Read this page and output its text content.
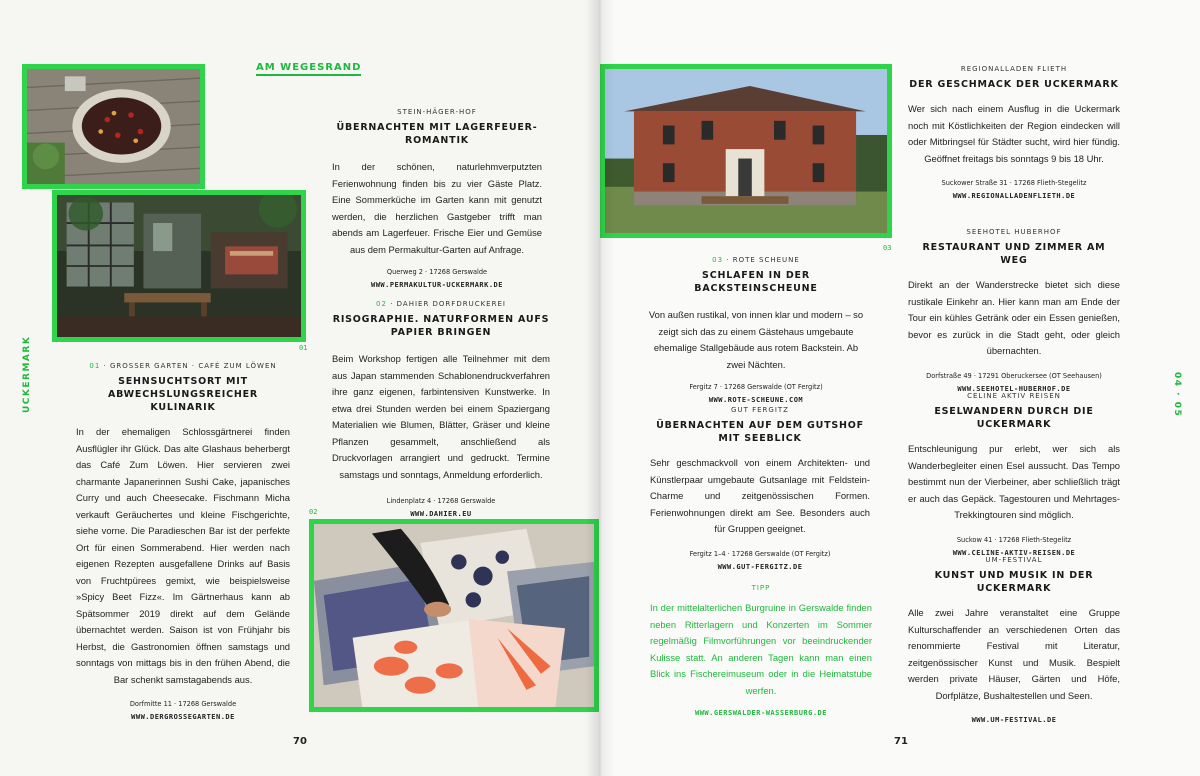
01
AM WEGESRAND
UCKERMARK
STEIN-HÄGER-HOF
ÜBERNACHTEN MIT LAGERFEUER-ROMANTIK
In der schönen, naturlehmverputzten Ferienwohnung finden bis zu vier Gäste Platz. Eine Sommerküche im Garten kann mit genutzt werden, die herzlichen Gastgeber trifft man abends am Lagerfeuer. Frische Eier und Gemüse aus dem Permakultur-Garten auf Anfrage.
Querweg 2 · 17268 Gerswalde
WWW.PERMAKULTUR-UCKERMARK.DE
02 · DAHIER DORFDRUCKEREI
RISOGRAPHIE. NATURFORMEN AUFS PAPIER BRINGEN
Beim Workshop fertigen alle Teilnehmer mit dem aus Japan stammenden Schablonendruckverfahren ihre ganz eigenen, farbintensiven Kunstwerke. In etwa drei Stunden werden bei einem Spaziergang Materialien wie Blumen, Blätter, Gräser und kleine Pflanzen gesammelt, anschließend als Druckvorlagen arrangiert und gedruckt. Termine samstags und sonntags, Anmeldung erforderlich.
Lindenplatz 4 · 17268 Gerswalde
WWW.DAHIER.EU
01 · GROSSER GARTEN · CAFÉ ZUM LÖWEN
SEHNSUCHTSORT MIT ABWECHSLUNGSREICHER KULINARIK
In der ehemaligen Schlossgärtnerei finden Ausflügler ihr Glück. Das alte Glashaus beherbergt das Café Zum Löwen. Hier servieren zwei charmante Japanerinnen Sushi Cake, japanisches Curry und auch Cheesecake. Fischmann Micha verkauft Geräuchertes und kleine Fischgerichte, siehe vorne. Die Paradieschen Bar ist der perfekte Ort für einen Sommerabend. Hier werden nach eigenen Rezepten ausgefallene Drinks auf Basis von Fruchtpürees gemixt, wie beispielsweise »Spicy Beet Fizz«. Im Gärtnerhaus kann ab Spätsommer 2019 direkt auf dem Gelände übernachtet werden. Saison ist von Frühjahr bis Herbst, die Gastronomien öffnen samstags und sonntags von mittags bis in den frühen Abend, die Bar schenkt samstagabends aus.
Dorfmitte 11 · 17268 Gerswalde
WWW.DERGROSSEGARTEN.DE
02
70
03
03 · ROTE SCHEUNE
SCHLAFEN IN DER BACKSTEINSCHEUNE
Von außen rustikal, von innen klar und modern – so zeigt sich das zu einem Gästehaus umgebaute ehemalige Stallgebäude aus rotem Backstein. Ab zwei Nächten.
Fergitz 7 · 17268 Gerswalde (OT Fergitz)
WWW.ROTE-SCHEUNE.COM
GUT FERGITZ
ÜBERNACHTEN AUF DEM GUTSHOF MIT SEEBLICK
Sehr geschmackvoll von einem Architekten- und Künstlerpaar umgebaute Gutsanlage mit Feldstein-Charme und zeitgenössischen Formen. Ferienwohnungen direkt am See. Besonders auch für Gruppen geeignet.
Fergitz 1–4 · 17268 Gerswalde (OT Fergitz)
WWW.GUT-FERGITZ.DE
TIPP
In der mittelalterlichen Burgruine in Gerswalde finden neben Ritterlagern und Konzerten im Sommer regelmäßig Filmvorführungen vor beeindruckender Kulisse statt. An anderen Tagen kann man einen Blick ins Fischereimuseum oder in die Heimatstube werfen.
WWW.GERSWALDER-WASSERBURG.DE
REGIONALLADEN FLIETH
DER GESCHMACK DER UCKERMARK
Wer sich nach einem Ausflug in die Uckermark noch mit Köstlichkeiten der Region eindecken will oder Mitbringsel für Städter sucht, wird hier fündig. Geöffnet freitags bis sonntags 9 bis 18 Uhr.
Suckower Straße 31 · 17268 Flieth-Stegelitz
WWW.REGIONALLADENFLIETH.DE
SEEHOTEL HUBERHOF
RESTAURANT UND ZIMMER AM WEG
Direkt an der Wanderstrecke bietet sich diese rustikale Einkehr an. Hier kann man am Ende der Tour ein kühles Getränk oder ein Essen genießen, bevor es zurück in die Stadt geht, oder gleich übernachten.
Dorfstraße 49 · 17291 Oberuckersee (OT Seehausen)
WWW.SEEHOTEL-HUBERHOF.DE
CELINE AKTIV REISEN
ESELWANDERN DURCH DIE UCKERMARK
Entschleunigung pur erlebt, wer sich als Wanderbegleiter einen Esel aussucht. Das Tempo bestimmt nun der Vierbeiner, aber schließlich trägt er auch das Gepäck. Tagestouren und Mehrtages-Trekkingtouren sind möglich.
Suckow 41 · 17268 Flieth-Stegelitz
WWW.CELINE-AKTIV-REISEN.DE
UM-FESTIVAL
KUNST UND MUSIK IN DER UCKERMARK
Alle zwei Jahre veranstaltet eine Gruppe Kulturschaffender an verschiedenen Orten das renommierte Festival mit Literatur, zeitgenössischer Kunst und Musik. Bespielt werden private Häuser, Gärten und Höfe, Dorfplätze, Bushaltestellen und Seen.
WWW.UM-FESTIVAL.DE
04 · 05
71
